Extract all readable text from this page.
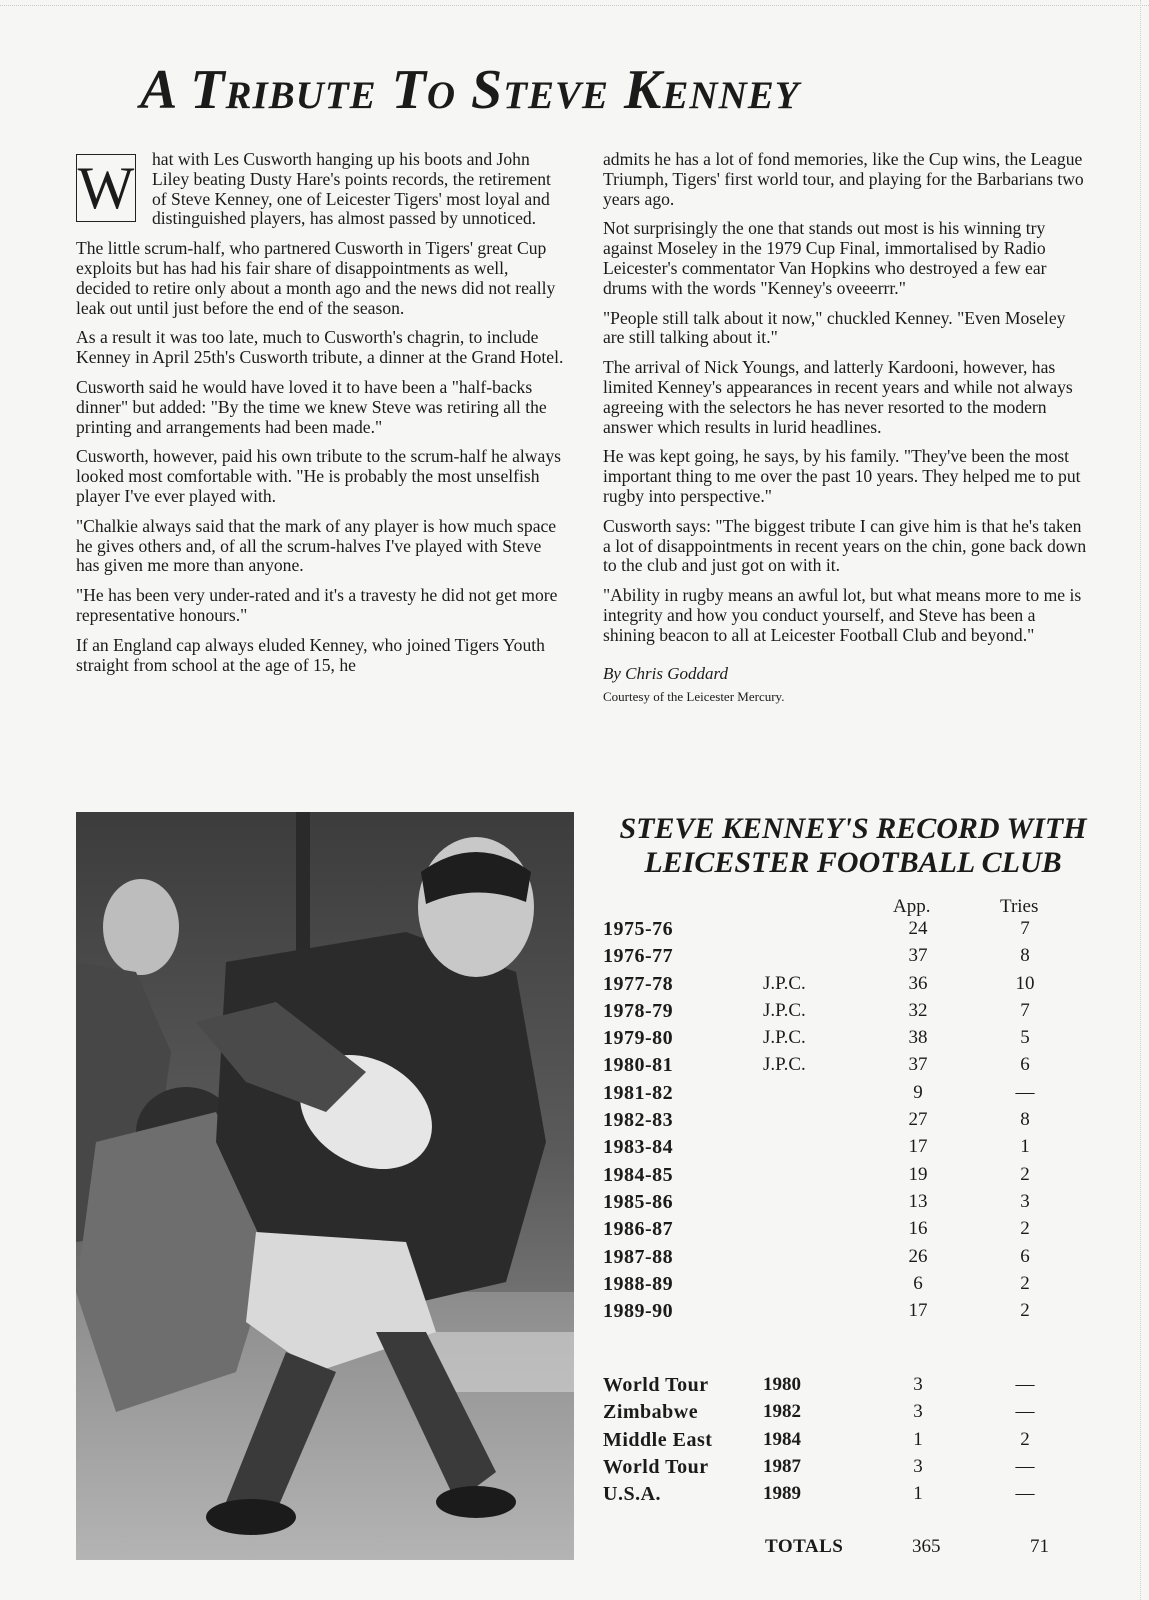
A Tribute To Steve Kenney

W hat with Les Cusworth hanging up his boots and John Liley beating Dusty Hare's points records, the retirement of Steve Kenney, one of Leicester Tigers' most loyal and distinguished players, has almost passed by unnoticed.

The little scrum-half, who partnered Cusworth in Tigers' great Cup exploits but has had his fair share of disappointments as well, decided to retire only about a month ago and the news did not really leak out until just before the end of the season.

As a result it was too late, much to Cusworth's chagrin, to include Kenney in April 25th's Cusworth tribute, a dinner at the Grand Hotel.

Cusworth said he would have loved it to have been a "half-backs dinner" but added: "By the time we knew Steve was retiring all the printing and arrangements had been made."

Cusworth, however, paid his own tribute to the scrum-half he always looked most comfortable with. "He is probably the most unselfish player I've ever played with.

"Chalkie always said that the mark of any player is how much space he gives others and, of all the scrum-halves I've played with Steve has given me more than anyone.

"He has been very under-rated and it's a travesty he did not get more representative honours."

If an England cap always eluded Kenney, who joined Tigers Youth straight from school at the age of 15, he

admits he has a lot of fond memories, like the Cup wins, the League Triumph, Tigers' first world tour, and playing for the Barbarians two years ago.

Not surprisingly the one that stands out most is his winning try against Moseley in the 1979 Cup Final, immortalised by Radio Leicester's commentator Van Hopkins who destroyed a few ear drums with the words "Kenney's oveeerrr."

"People still talk about it now," chuckled Kenney. "Even Moseley are still talking about it."

The arrival of Nick Youngs, and latterly Kardooni, however, has limited Kenney's appearances in recent years and while not always agreeing with the selectors he has never resorted to the modern answer which results in lurid headlines.

He was kept going, he says, by his family. "They've been the most important thing to me over the past 10 years. They helped me to put rugby into perspective."

Cusworth says: "The biggest tribute I can give him is that he's taken a lot of disappointments in recent years on the chin, gone back down to the club and just got on with it.

"Ability in rugby means an awful lot, but what means more to me is integrity and how you conduct yourself, and Steve has been a shining beacon to all at Leicester Football Club and beyond."

By Chris Goddard
Courtesy of the Leicester Mercury.
STEVE KENNEY'S RECORD WITH
LEICESTER FOOTBALL CLUB
App.	Tries
1975-76	24	7
1976-77	37	8
1977-78	J.P.C.	36	10
1978-79	J.P.C.	32	7
1979-80	J.P.C.	38	5
1980-81	J.P.C.	37	6
1981-82	9	—
1982-83	27	8
1983-84	17	1
1984-85	19	2
1985-86	13	3
1986-87	16	2
1987-88	26	6
1988-89	6	2
1989-90	17	2
World Tour	1980	3	—
Zimbabwe	1982	3	—
Middle East	1984	1	2
World Tour	1987	3	—
U.S.A.	1989	1	—
TOTALS	365	71
